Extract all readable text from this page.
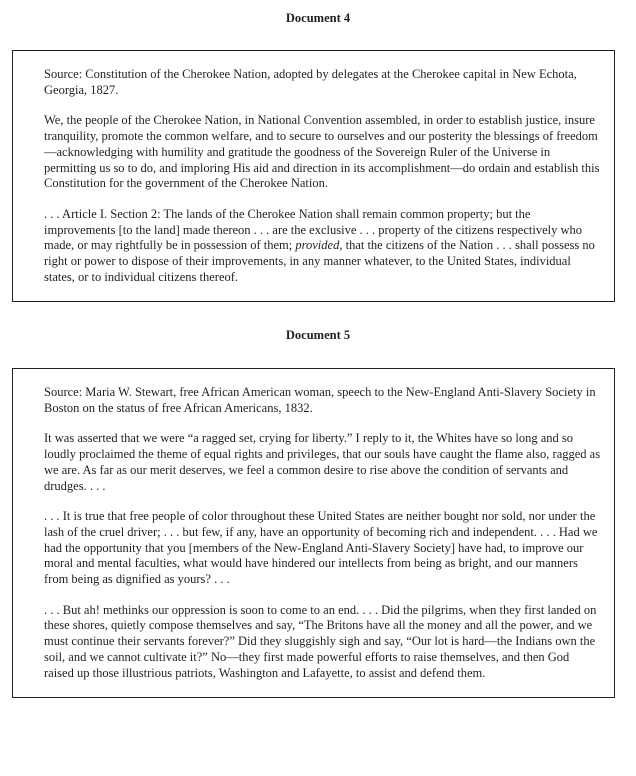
Document 4

Source: Constitution of the Cherokee Nation, adopted by delegates at the Cherokee capital in New Echota, Georgia, 1827.

We, the people of the Cherokee Nation, in National Convention assembled, in order to establish justice, insure tranquility, promote the common welfare, and to secure to ourselves and our posterity the blessings of freedom—acknowledging with humility and gratitude the goodness of the Sovereign Ruler of the Universe in permitting us so to do, and imploring His aid and direction in its accomplishment—do ordain and establish this Constitution for the government of the Cherokee Nation.

. . . Article I. Section 2: The lands of the Cherokee Nation shall remain common property; but the improvements [to the land] made thereon . . . are the exclusive . . . property of the citizens respectively who made, or may rightfully be in possession of them; provided, that the citizens of the Nation . . . shall possess no right or power to dispose of their improvements, in any manner whatever, to the United States, individual states, or to individual citizens thereof.

Document 5

Source: Maria W. Stewart, free African American woman, speech to the New-England Anti-Slavery Society in Boston on the status of free African Americans, 1832.

It was asserted that we were “a ragged set, crying for liberty.” I reply to it, the Whites have so long and so loudly proclaimed the theme of equal rights and privileges, that our souls have caught the flame also, ragged as we are. As far as our merit deserves, we feel a common desire to rise above the condition of servants and drudges. . . .

. . . It is true that free people of color throughout these United States are neither bought nor sold, nor under the lash of the cruel driver; . . . but few, if any, have an opportunity of becoming rich and independent. . . . Had we had the opportunity that you [members of the New-England Anti-Slavery Society] have had, to improve our moral and mental faculties, what would have hindered our intellects from being as bright, and our manners from being as dignified as yours? . . .

. . . But ah! methinks our oppression is soon to come to an end. . . . Did the pilgrims, when they first landed on these shores, quietly compose themselves and say, “The Britons have all the money and all the power, and we must continue their servants forever?” Did they sluggishly sigh and say, “Our lot is hard—the Indians own the soil, and we cannot cultivate it?” No—they first made powerful efforts to raise themselves, and then God raised up those illustrious patriots, Washington and Lafayette, to assist and defend them.
